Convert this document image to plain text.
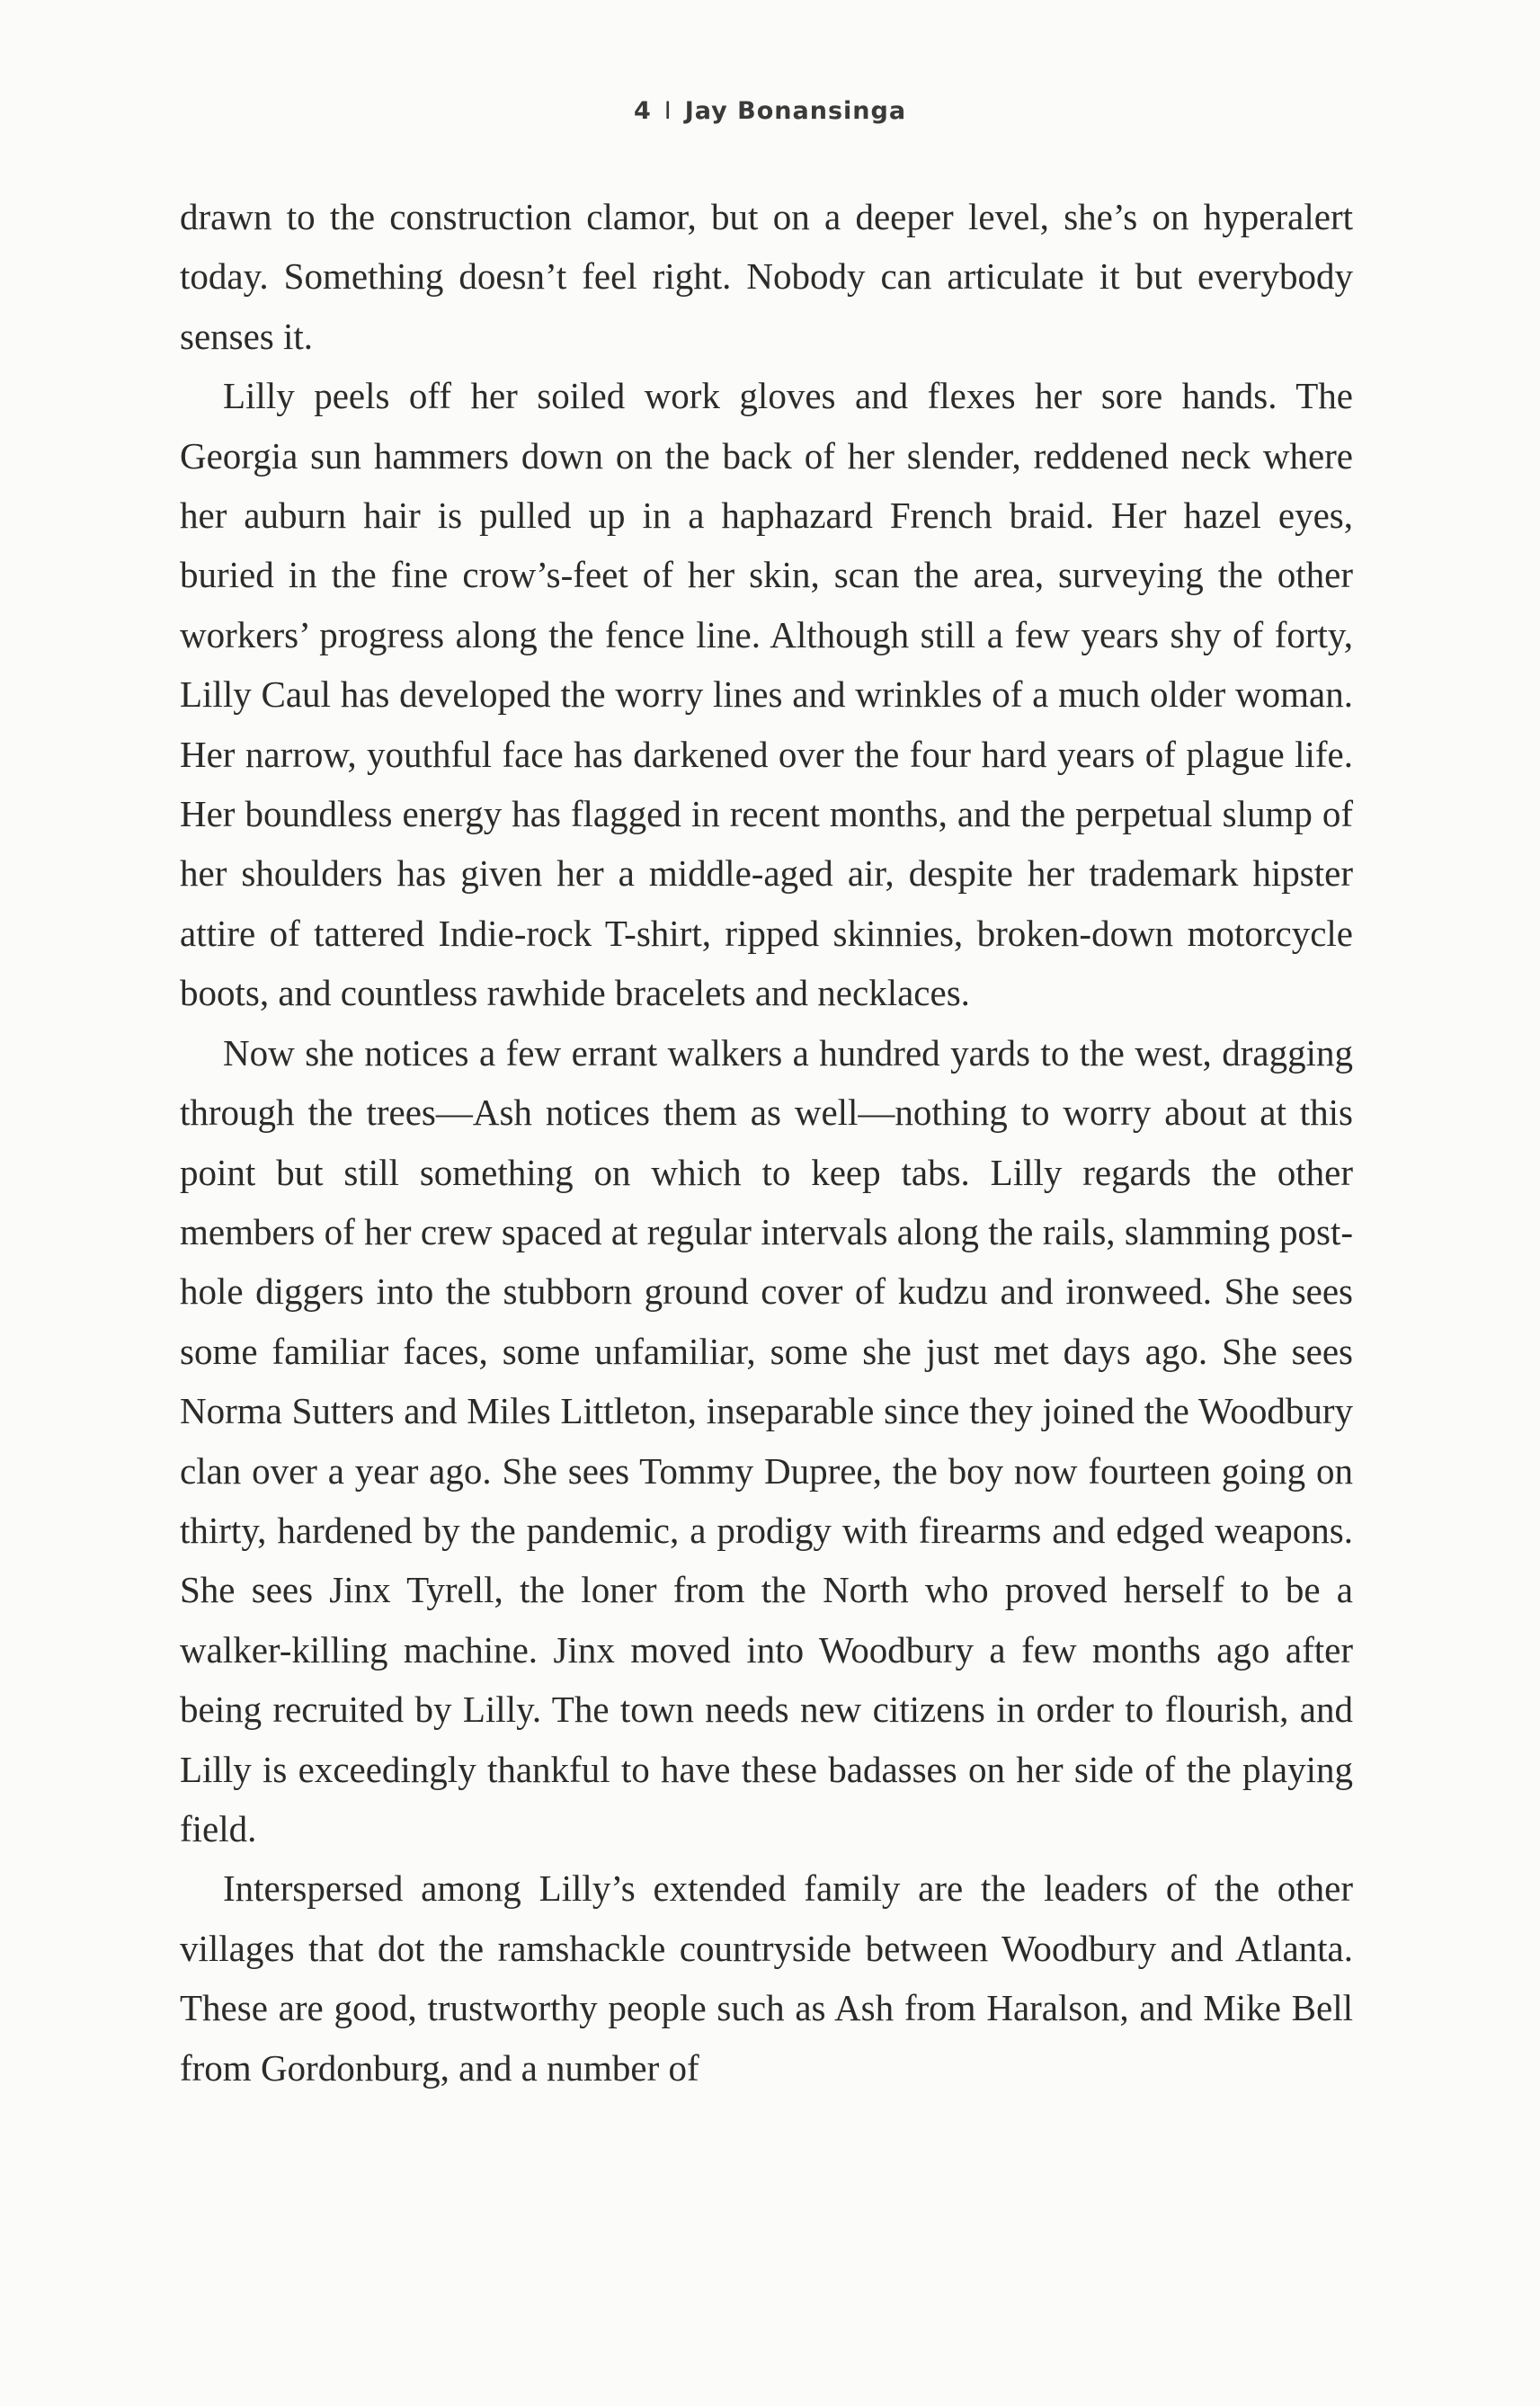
4 I Jay Bonansinga

drawn to the construction clamor, but on a deeper level, she’s on hyperalert today. Something doesn’t feel right. Nobody can articulate it but everybody senses it.

Lilly peels off her soiled work gloves and flexes her sore hands. The Georgia sun hammers down on the back of her slender, reddened neck where her auburn hair is pulled up in a haphazard French braid. Her hazel eyes, buried in the fine crow’s-feet of her skin, scan the area, surveying the other workers’ progress along the fence line. Although still a few years shy of forty, Lilly Caul has developed the worry lines and wrinkles of a much older woman. Her narrow, youthful face has darkened over the four hard years of plague life. Her boundless energy has flagged in recent months, and the perpetual slump of her shoulders has given her a middle-aged air, despite her trademark hipster attire of tattered Indie-rock T-shirt, ripped skinnies, broken-down motorcycle boots, and countless rawhide bracelets and necklaces.

Now she notices a few errant walkers a hundred yards to the west, dragging through the trees—Ash notices them as well—nothing to worry about at this point but still something on which to keep tabs. Lilly regards the other members of her crew spaced at regular intervals along the rails, slamming post-hole diggers into the stubborn ground cover of kudzu and ironweed. She sees some familiar faces, some unfamiliar, some she just met days ago. She sees Norma Sutters and Miles Littleton, inseparable since they joined the Woodbury clan over a year ago. She sees Tommy Dupree, the boy now fourteen going on thirty, hardened by the pandemic, a prodigy with firearms and edged weapons. She sees Jinx Tyrell, the loner from the North who proved herself to be a walker-killing machine. Jinx moved into Woodbury a few months ago after being recruited by Lilly. The town needs new citizens in order to flourish, and Lilly is exceedingly thankful to have these badasses on her side of the playing field.

Interspersed among Lilly’s extended family are the leaders of the other villages that dot the ramshackle countryside between Woodbury and Atlanta. These are good, trustworthy people such as Ash from Haralson, and Mike Bell from Gordonburg, and a number of
